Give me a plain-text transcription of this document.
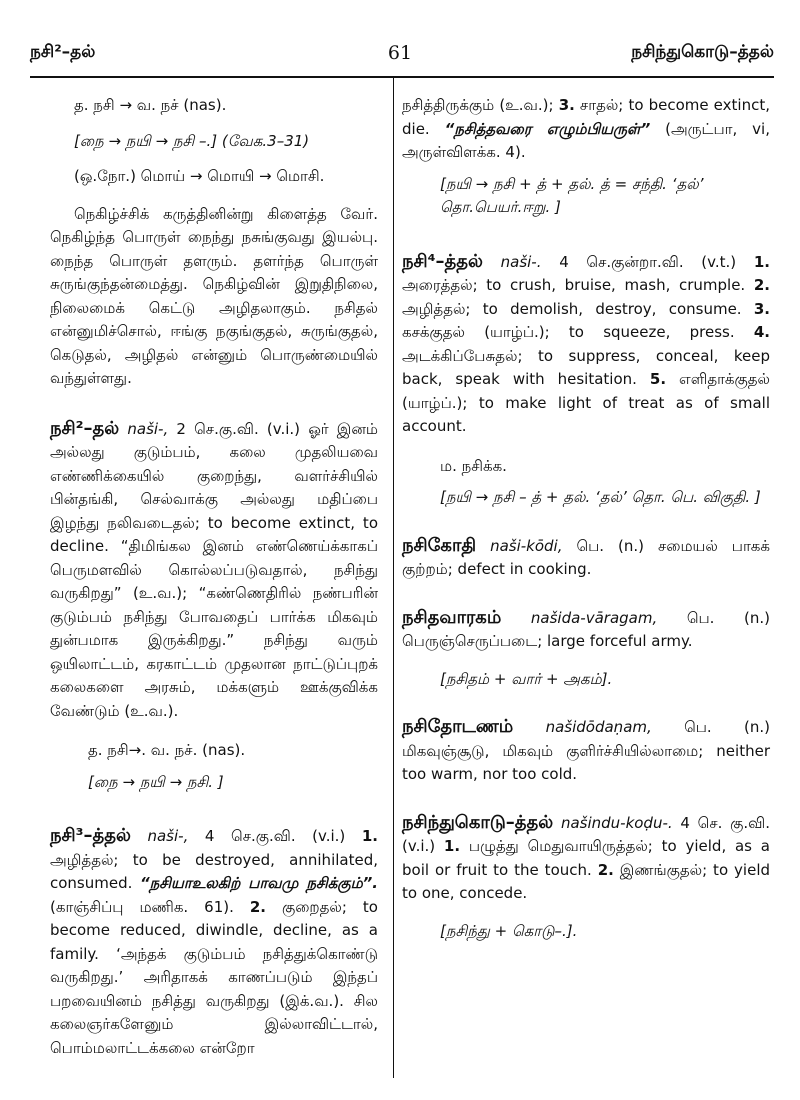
நசி²–தல்	61	நசிந்துகொடு–த்தல்

த. நசி → வ. நச் (nas).

[நை → நயி → நசி –.] (வேக.3–31)

(ஒ.நோ.) மொய் → மொயி → மொசி.

நெகிழ்ச்சிக் கருத்தினின்று கிளைத்த வேர். நெகிழ்ந்த பொருள் நைந்து நசுங்குவது இயல்பு. நைந்த பொருள் தளரும். தளர்ந்த பொருள் சுருங்குந்தன்மைத்து. நெகிழ்வின் இறுதிநிலை, நிலைமைக் கெட்டு அழிதலாகும். நசிதல் என்னுமிச்சொல், ஈங்கு நகுங்குதல், சுருங்குதல், கெடுதல், அழிதல் என்னும் பொருண்மையில் வந்துள்ளது.

நசி²–தல் naši-, 2 செ.கு.வி. (v.i.) ஓர் இனம் அல்லது குடும்பம், கலை முதலியவை எண்ணிக்கையில் குறைந்து, வளர்ச்சியில் பின்தங்கி, செல்வாக்கு அல்லது மதிப்பை இழந்து நலிவடைதல்; to become extinct, to decline. “திமிங்கல இனம் எண்ணெய்க்காகப் பெருமளவில் கொல்லப்படுவதால், நசிந்து வருகிறது” (உ.வ.); “கண்ணெதிரில் நண்பரின் குடும்பம் நசிந்து போவதைப் பார்க்க மிகவும் துன்பமாக இருக்கிறது.” நசிந்து வரும் ஒயிலாட்டம், கரகாட்டம் முதலான நாட்டுப்புறக் கலைகளை அரசும், மக்களும் ஊக்குவிக்க வேண்டும் (உ.வ.).

த. நசி→. வ. நச். (nas).

[நை → நயி → நசி. ]

நசி³–த்தல் naši-, 4 செ.கு.வி. (v.i.) 1. அழித்தல்; to be destroyed, annihilated, consumed. “நசியாஉலகிற் பாவமு நசிக்கும்”. (காஞ்சிப்பு மணிக. 61). 2. குறைதல்; to become reduced, diwindle, decline, as a family. ‘அந்தக் குடும்பம் நசித்துக்கொண்டு வருகிறது.’ அரிதாகக் காணப்படும் இந்தப் பறவையினம் நசித்து வருகிறது (இக்.வ.). சில கலைஞர்களேனும் இல்லாவிட்டால், பொம்மலாட்டக்கலை என்றோ
நசித்திருக்கும் (உ.வ.); 3. சாதல்; to become extinct, die. “நசித்தவரை எழும்பியருள்” (அருட்பா, vi, அருள்விளக்க. 4).

[நயி → நசி + த் + தல். த் = சந்தி. ‘தல்’ தொ.பெயர்.ஈறு. ]

நசி⁴–த்தல் naši-. 4 செ.குன்றா.வி. (v.t.) 1. அரைத்தல்; to crush, bruise, mash, crumple. 2. அழித்தல்; to demolish, destroy, consume. 3. கசக்குதல் (யாழ்ப்.); to squeeze, press. 4. அடக்கிப்பேசுதல்; to suppress, conceal, keep back, speak with hesitation. 5. எளிதாக்குதல் (யாழ்ப்.); to make light of treat as of small account.

ம. நசிக்க.

[நயி → நசி – த் + தல். ‘தல்’ தொ. பெ. விகுதி. ]

நசிகோதி naši-kōdi, பெ. (n.) சமையல் பாகக் குற்றம்; defect in cooking.
நசிதவாரகம் našida-vāragam, பெ. (n.) பெருஞ்செருப்படை; large forceful army.

[நசிதம் + வார் + அகம்].

நசிதோடணம் našidōdaṇam, பெ. (n.) மிகவுஞ்சூடு, மிகவும் குளிர்ச்சியில்லாமை; neither too warm, nor too cold.
நசிந்துகொடு–த்தல் našindu-koḍu-. 4 செ. கு.வி. (v.i.) 1. பழுத்து மெதுவாயிருத்தல்; to yield, as a boil or fruit to the touch. 2. இணங்குதல்; to yield to one, concede.

[நசிந்து + கொடு–.].
